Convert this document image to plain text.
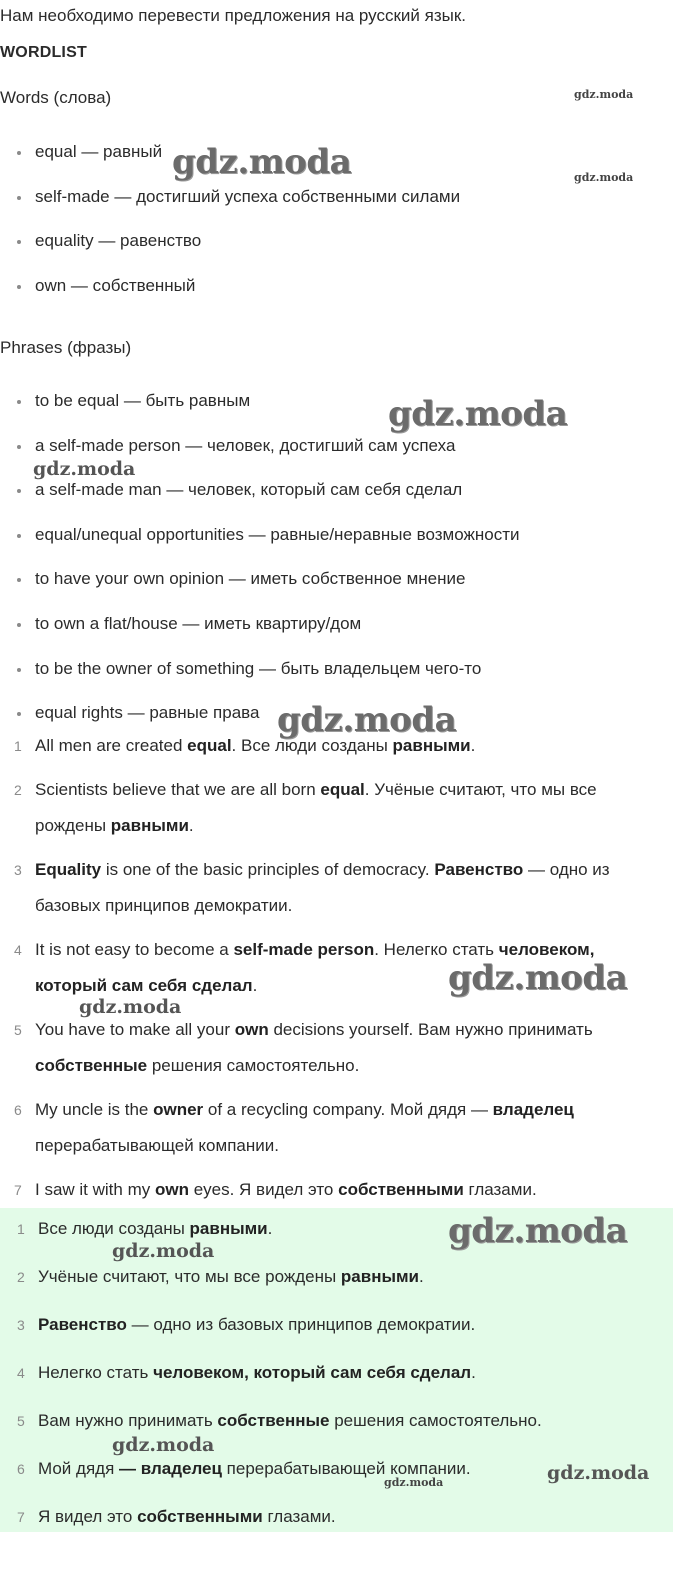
Нам необходимо перевести предложения на русский язык.

WORDLIST

Words (слова)

equal — равный
self-made — достигший успеха собственными силами
equality — равенство
own — собственный

Phrases (фразы)

to be equal — быть равным
a self-made person — человек, достигший сам успеха
a self-made man — человек, который сам себя сделал
equal/unequal opportunities — равные/неравные возможности
to have your own opinion — иметь собственное мнение
to own a flat/house — иметь квартиру/дом
to be the owner of something — быть владельцем чего-то
equal rights — равные права
1 All men are created equal. Все люди созданы равными.
2 Scientists believe that we are all born equal. Учёные считают, что мы все рождены равными.
3 Equality is one of the basic principles of democracy. Равенство — одно из базовых принципов демократии.
4 It is not easy to become a self-made person. Нелегко стать человеком, который сам себя сделал.
5 You have to make all your own decisions yourself. Вам нужно принимать собственные решения самостоятельно.
6 My uncle is the owner of a recycling company. Мой дядя — владелец перерабатывающей компании.
7 I saw it with my own eyes. Я видел это собственными глазами.
1 Все люди созданы равными.
2 Учёные считают, что мы все рождены равными.
3 Равенство — одно из базовых принципов демократии.
4 Нелегко стать человеком, который сам себя сделал.
5 Вам нужно принимать собственные решения самостоятельно.
6 Мой дядя — владелец перерабатывающей компании.
7 Я видел это собственными глазами.
gdz.moda
gdz.moda	gdz.moda
gdz.moda
gdz.moda
gdz.moda
gdz.moda
gdz.moda
gdz.moda
gdz.moda
gdz.moda
gdz.moda
gdz.moda
